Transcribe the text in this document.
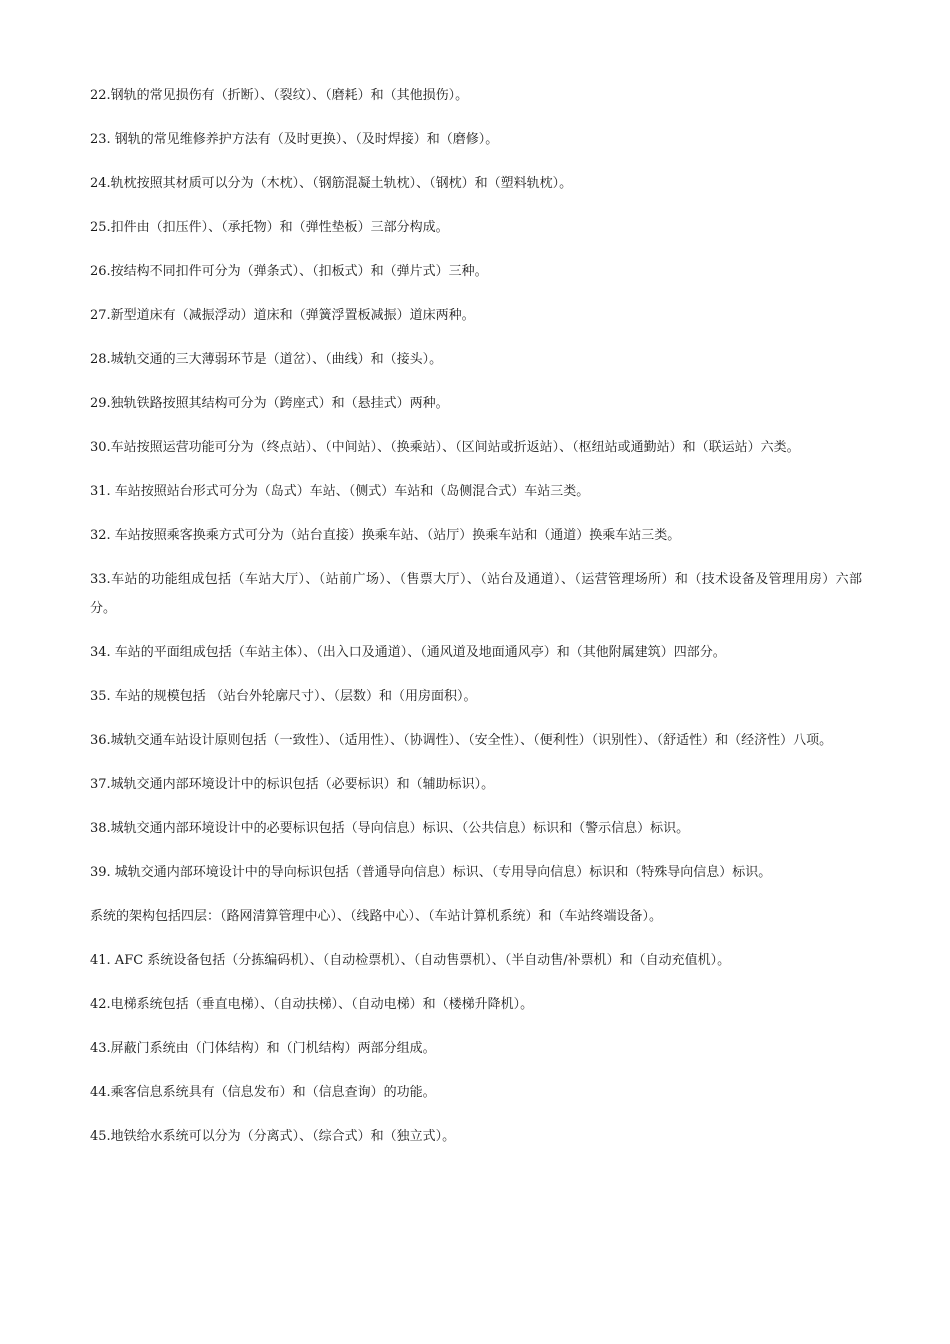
22.钢轨的常见损伤有（折断）、（裂纹）、（磨耗）和（其他损伤）。

23. 钢轨的常见维修养护方法有（及时更换）、（及时焊接）和（磨修）。

24.轨枕按照其材质可以分为（木枕）、（钢筋混凝土轨枕）、（钢枕）和（塑料轨枕）。

25.扣件由（扣压件）、（承托物）和（弹性垫板）三部分构成。

26.按结构不同扣件可分为（弹条式）、（扣板式）和（弹片式）三种。

27.新型道床有（减振浮动）道床和（弹簧浮置板减振）道床两种。

28.城轨交通的三大薄弱环节是（道岔）、（曲线）和（接头）。

29.独轨铁路按照其结构可分为（跨座式）和（悬挂式）两种。

30.车站按照运营功能可分为（终点站）、（中间站）、（换乘站）、（区间站或折返站）、（枢纽站或通勤站）和（联运站）六类。

31. 车站按照站台形式可分为（岛式）车站、（侧式）车站和（岛侧混合式）车站三类。

32. 车站按照乘客换乘方式可分为（站台直接）换乘车站、（站厅）换乘车站和（通道）换乘车站三类。

33.车站的功能组成包括（车站大厅）、（站前广场）、（售票大厅）、（站台及通道）、（运营管理场所）和（技术设备及管理用房）六部分。

34. 车站的平面组成包括（车站主体）、（出入口及通道）、（通风道及地面通风亭）和（其他附属建筑）四部分。

35. 车站的规模包括 （站台外轮廓尺寸）、（层数）和（用房面积）。

36.城轨交通车站设计原则包括（一致性）、（适用性）、（协调性）、（安全性）、（便利性）（识别性）、（舒适性）和（经济性）八项。

37.城轨交通内部环境设计中的标识包括（必要标识）和（辅助标识）。

38.城轨交通内部环境设计中的必要标识包括（导向信息）标识、（公共信息）标识和（警示信息）标识。

39. 城轨交通内部环境设计中的导向标识包括（普通导向信息）标识、（专用导向信息）标识和（特殊导向信息）标识。

系统的架构包括四层：（路网清算管理中心）、（线路中心）、（车站计算机系统）和（车站终端设备）。

41. AFC 系统设备包括（分拣编码机）、（自动检票机）、（自动售票机）、（半自动售/补票机）和（自动充值机）。

42.电梯系统包括（垂直电梯）、（自动扶梯）、（自动电梯）和（楼梯升降机）。

43.屏蔽门系统由（门体结构）和（门机结构）两部分组成。

44.乘客信息系统具有（信息发布）和（信息查询）的功能。

45.地铁给水系统可以分为（分离式）、（综合式）和（独立式）。
